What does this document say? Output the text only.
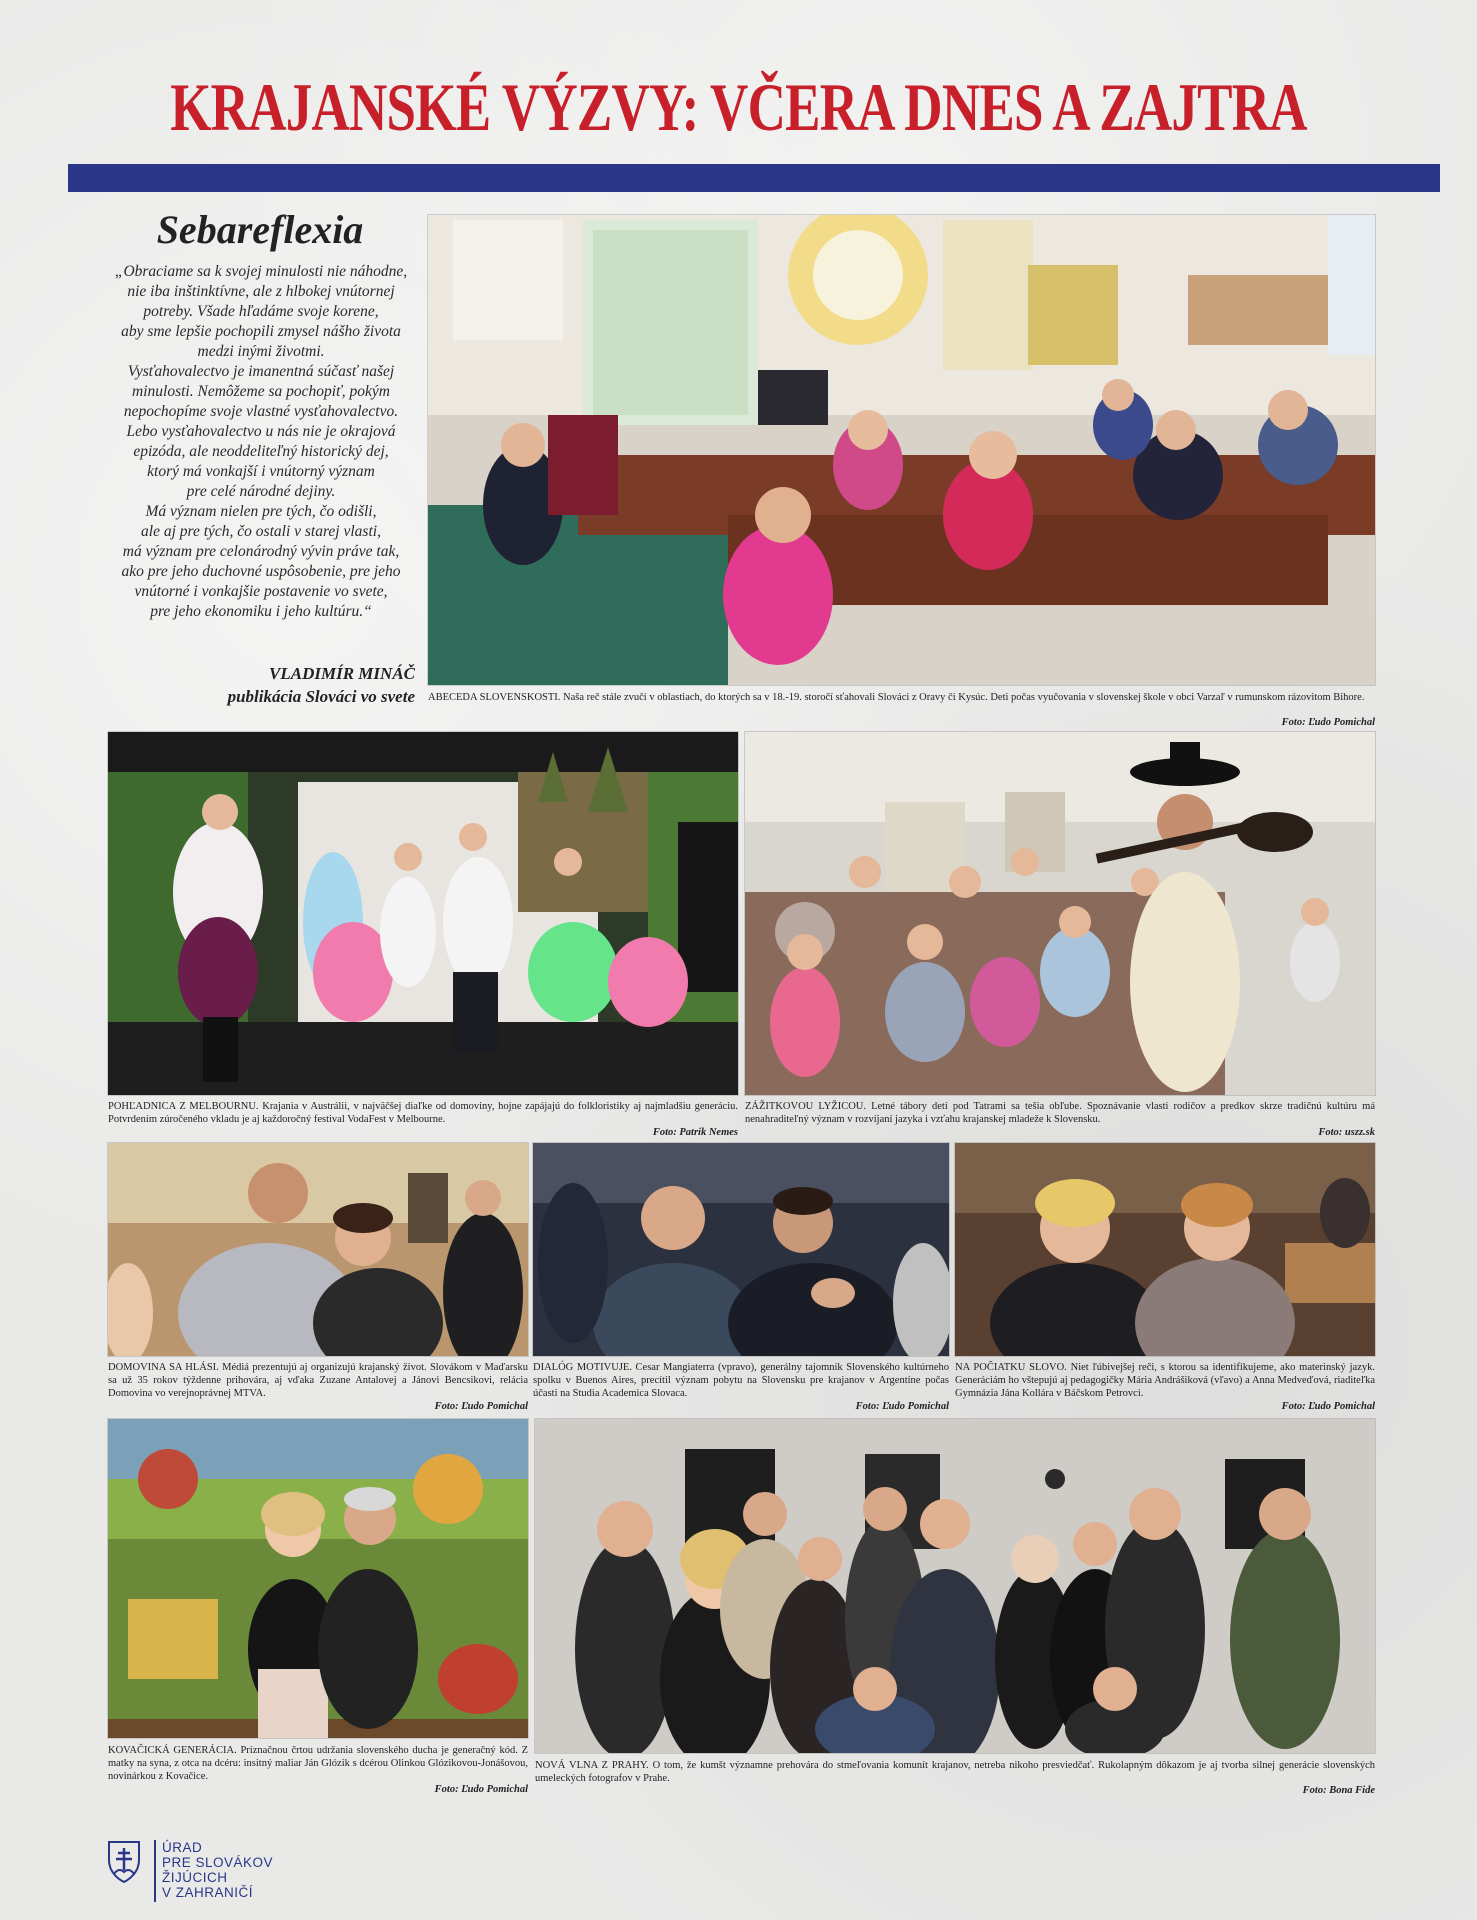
KRAJANSKÉ VÝZVY: VČERA DNES A ZAJTRA
Sebareflexia
„Obraciame sa k svojej minulosti nie náhodne,
nie iba inštinktívne, ale z hlbokej vnútornej
potreby. Všade hľadáme svoje korene,
aby sme lepšie pochopili zmysel nášho života
medzi inými životmi.
Vysťahovalectvo je imanentná súčasť našej
minulosti. Nemôžeme sa pochopiť, pokým
nepochopíme svoje vlastné vysťahovalectvo.
Lebo vysťahovalectvo u nás nie je okrajová
epizóda, ale neoddeliteľný historický dej,
ktorý má vonkajší i vnútorný význam
pre celé národné dejiny.
Má význam nielen pre tých, čo odišli,
ale aj pre tých, čo ostali v starej vlasti,
má význam pre celonárodný vývin práve tak,
ako pre jeho duchovné uspôsobenie, pre jeho
vnútorné i vonkajšie postavenie vo svete,
pre jeho ekonomiku i jeho kultúru.“
VLADIMÍR MINÁČ
publikácia Slováci vo svete ABECEDA SLOVENSKOSTI. Naša reč stále zvučí v oblastiach, do ktorých sa v 18.-19. storočí sťahovali Slováci z Oravy či Kysúc. Deti počas vyučovania v slovenskej škole v obci Varzaľ v rumunskom rázovitom Bihore.
Foto: Ľudo Pomichal
POHĽADNICA Z MELBOURNU. Krajania v Austrálii, v najväčšej diaľke od domoviny, hojne zapájajú do folkloristiky aj najmladšiu generáciu. Potvrdením zúročeného vkladu je aj každoročný festival VodaFest v Melbourne.
Foto: Patrik Nemes
ZÁŽITKOVOU LYŽICOU. Letné tábory detí pod Tatrami sa tešia obľube. Spoznávanie vlasti rodičov a predkov skrze tradičnú kultúru má nenahraditeľný význam v rozvíjaní jazyka i vzťahu krajanskej mladeže k Slovensku.
Foto: uszz.sk
DOMOVINA SA HLÁSI. Médiá prezentujú aj organizujú krajanský život. Slovákom v Maďarsku sa už 35 rokov týždenne prihovára, aj vďaka Zuzane Antalovej a Jánovi Bencsikovi, relácia Domovina vo verejnoprávnej MTVA.
Foto: Ľudo Pomichal
DIALÓG MOTIVUJE. Cesar Mangiaterra (vpravo), generálny tajomník Slovenského kultúrneho spolku v Buenos Aires, precítil význam pobytu na Slovensku pre krajanov v Argentíne počas účasti na Studia Academica Slovaca.
Foto: Ľudo Pomichal
NA POČIATKU SLOVO. Niet ľúbivejšej reči, s ktorou sa identifikujeme, ako materinský jazyk. Generáciám ho vštepujú aj pedagogičky Mária Andrášiková (vľavo) a Anna Medveďová, riaditeľka Gymnázia Jána Kollára v Báčskom Petrovci.
Foto: Ľudo Pomichal
KOVAČICKÁ GENERÁCIA. Príznačnou črtou udržania slovenského ducha je generačný kód. Z matky na syna, z otca na dcéru: insitný maliar Ján Glózik s dcérou Olinkou Glózikovou-Jonášovou, novinárkou z Kovačice.
Foto: Ľudo Pomichal
NOVÁ VLNA Z PRAHY. O tom, že kumšt významne prehovára do stmeľovania komunít krajanov, netreba nikoho presviedčať. Rukolapným dôkazom je aj tvorba silnej generácie slovenských umeleckých fotografov v Prahe.
Foto: Bona Fide
ÚRAD
PRE SLOVÁKOV
ŽIJÚCICH
V ZAHRANIČÍ
